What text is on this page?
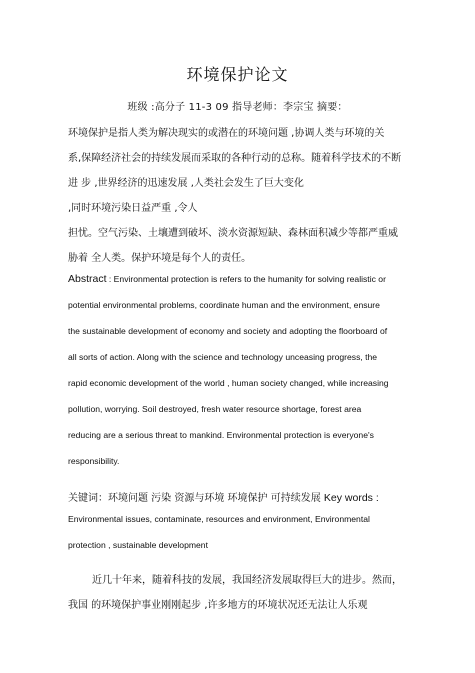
环境保护论文
班级 :高分子 11-3 09 指导老师：李宗宝 摘要：
环境保护是指人类为解决现实的或潜在的环境问题 ,协调人类与环境的关
系,保障经济社会的持续发展而采取的各种行动的总称。随着科学技术的不断
进 步 ,世界经济的迅速发展 ,人类社会发生了巨大变化
,同时环境污染日益严重 ,令人
担忧。空气污染、土壤遭到破坏、淡水资源短缺、森林面积减少等都严重威
胁着 全人类。保护环境是每个人的责任。
Abstract : Environmental protection is refers to the humanity for solving realistic or
potential environmental problems, coordinate human and the environment, ensure
the sustainable development of economy and society and adopting the floorboard of
all sorts of action. Along with the science and technology unceasing progress, the
rapid economic development of the world , human society changed, while increasing
pollution, worrying. Soil destroyed, fresh water resource shortage, forest area
reducing are a serious threat to mankind. Environmental protection is everyone's
responsibility.
关键词：环境问题 污染 资源与环境 环境保护 可持续发展 Key words :
Environmental issues, contaminate, resources and environment, Environmental
protection , sustainable development
近几十年来，随着科技的发展，我国经济发展取得巨大的进步。然而，
我国 的环境保护事业刚刚起步 ,许多地方的环境状况还无法让人乐观
